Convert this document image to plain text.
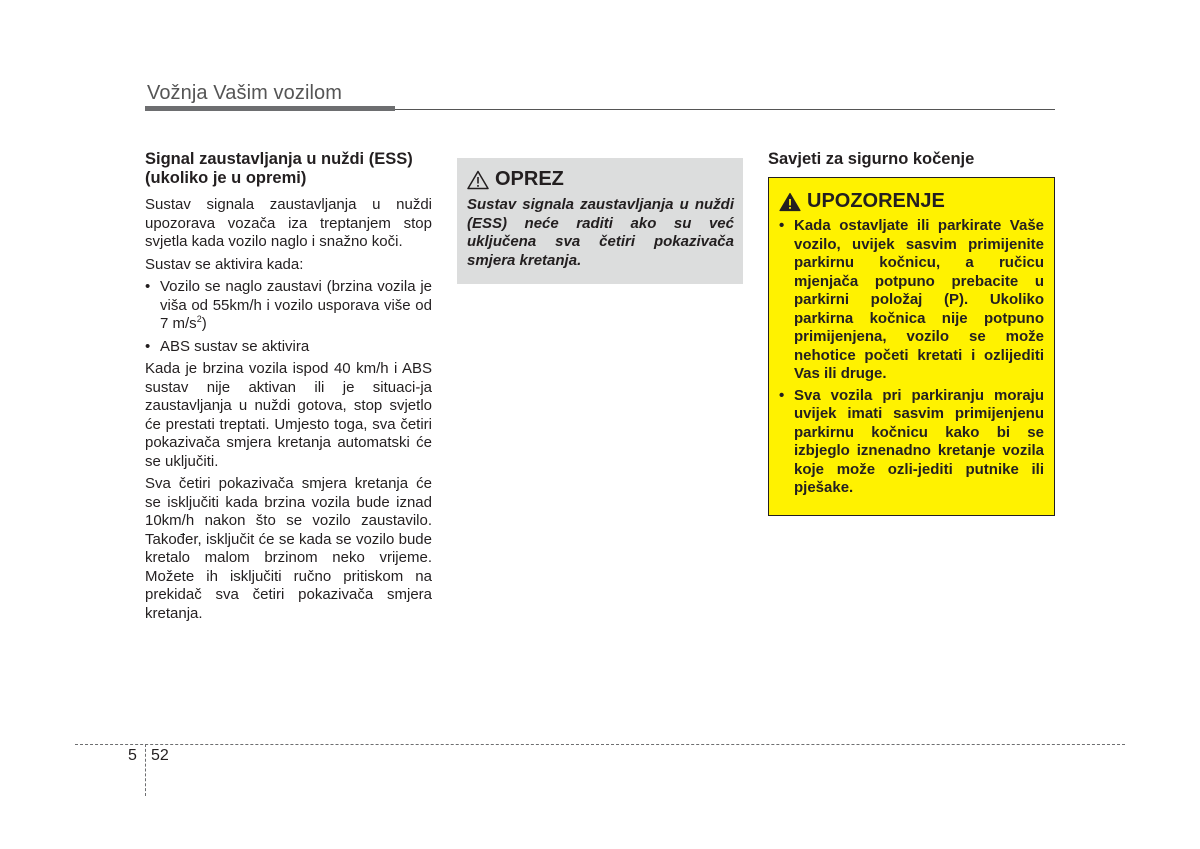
Vožnja Vašim vozilom
Signal zaustavljanja u nuždi (ESS) (ukoliko je u opremi)

Sustav signala zaustavljanja u nuždi upozorava vozača iza treptanjem stop svjetla kada vozilo naglo i snažno koči.

Sustav se aktivira kada:

• Vozilo se naglo zaustavi (brzina vozila je viša od 55km/h i vozilo usporava više od 7 $m/s^2$)
• ABS sustav se aktivira

Kada je brzina vozila ispod 40 km/h i ABS sustav nije aktivan ili je situaci-ja zaustavljanja u nuždi gotova, stop svjetlo će prestati treptati. Umjesto toga, sva četiri pokazivača smjera kretanja automatski će se uključiti.

Sva četiri pokazivača smjera kretanja će se isključiti kada brzina vozila bude iznad 10km/h nakon što se vozilo zaustavilo. Također, isključit će se kada se vozilo bude kretalo malom brzinom neko vrijeme. Možete ih isključiti ručno pritiskom na prekidač sva četiri pokazivača smjera kretanja.

OPREZ

Sustav signala zaustavljanja u nuždi (ESS) neće raditi ako su već uključena sva četiri pokazivača smjera kretanja.

Savjeti za sigurno kočenje
UPOZORENJE
• Kada ostavljate ili parkirate Vaše vozilo, uvijek sasvim primijenite parkirnu kočnicu, a ručicu mjenjača potpuno prebacite u parkirni položaj (P). Ukoliko parkirna kočnica nije potpuno primijenjena, vozilo se može nehotice početi kretati i ozlijediti Vas ili druge.
• Sva vozila pri parkiranju moraju uvijek imati sasvim primijenjenu parkirnu kočnicu kako bi se izbjeglo iznenadno kretanje vozila koje može ozli-jediti putnike ili pješake.
5 52
